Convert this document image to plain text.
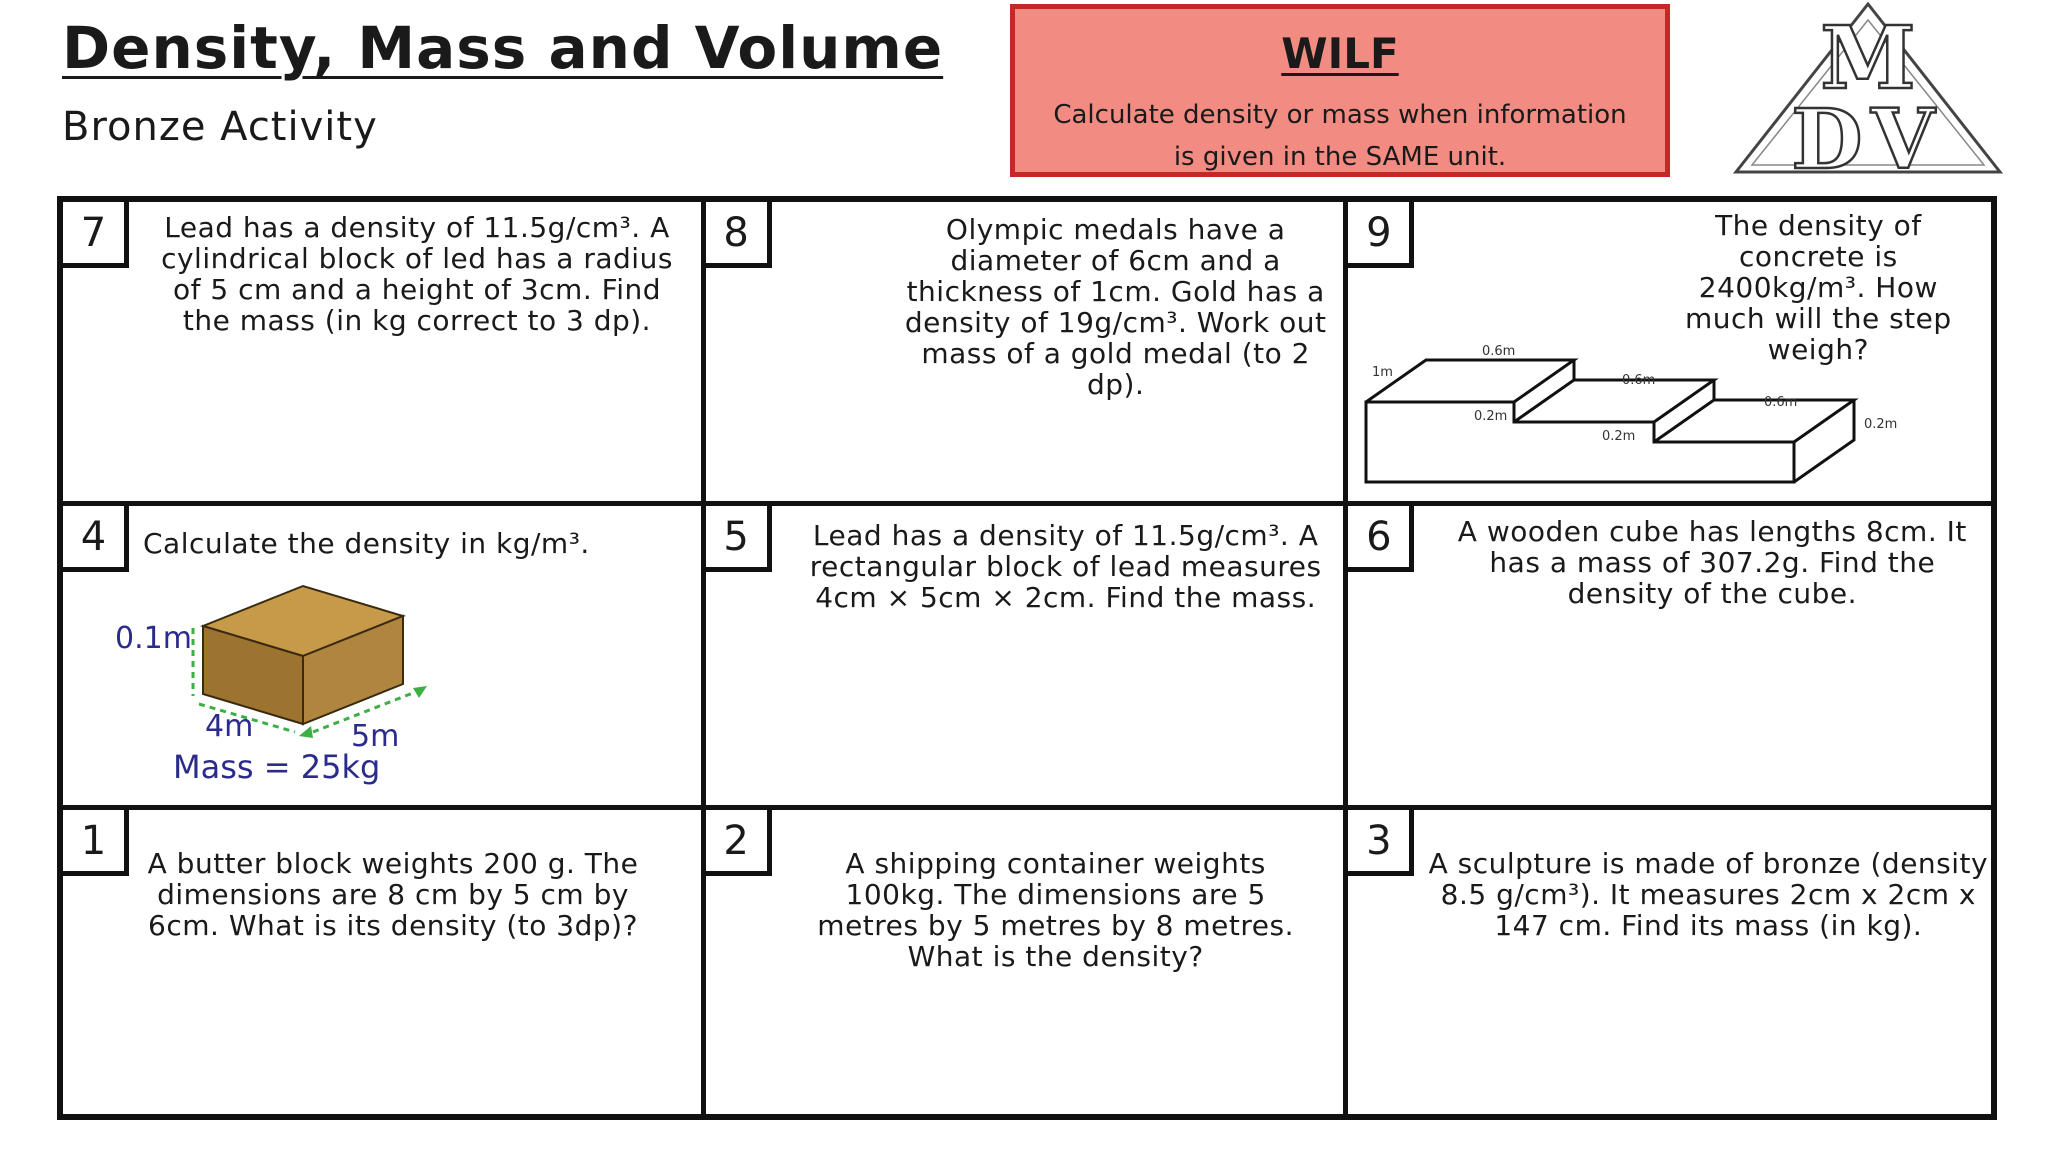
Density, Mass and Volume
Bronze Activity
WILF
Calculate density or mass when information is given in the SAME unit.
M
DV
7	Lead has a density of 11.5g/cm³. A cylindrical block of led has a radius of 5 cm and a height of 3cm. Find the mass (in kg correct to 3 dp).
8	Olympic medals have a diameter of 6cm and a thickness of 1cm. Gold has a density of 19g/cm³. Work out mass of a gold medal (to 2 dp).
9	The density of concrete is 2400kg/m³. How much will the step weigh?
1m
0.6m
0.6m
0.6m
0.2m
0.2m
0.2m
4	Calculate the density in kg/m³.
0.1m
4m	5m
Mass = 25kg
5	Lead has a density of 11.5g/cm³. A rectangular block of lead measures 4cm × 5cm × 2cm. Find the mass.
6	A wooden cube has lengths 8cm. It has a mass of 307.2g. Find the density of the cube.
1	A butter block weights 200 g. The dimensions are 8 cm by 5 cm by 6cm. What is its density (to 3dp)?
2	A shipping container weights 100kg. The dimensions are 5 metres by 5 metres by 8 metres. What is the density?
3	A sculpture is made of bronze (density 8.5 g/cm³). It measures 2cm x 2cm x 147 cm. Find its mass (in kg).
